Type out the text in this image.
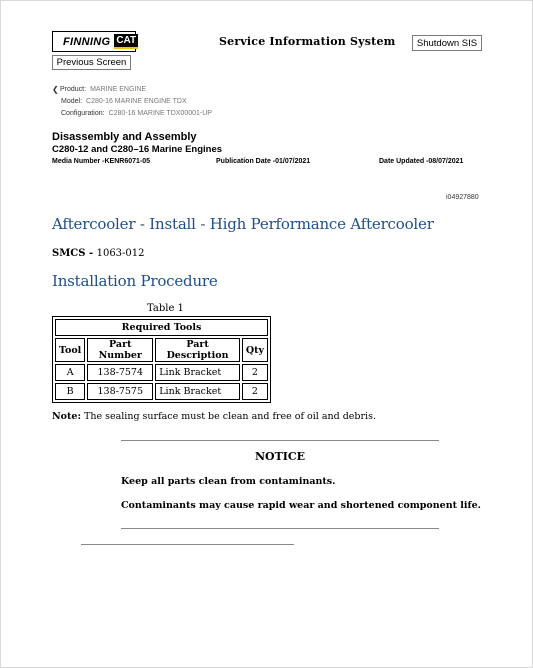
FINNING CAT	Service Information System	Shutdown SIS
Previous Screen
❮ Product: MARINE ENGINE
Model: C280-16 MARINE ENGINE TDX
Configuration: C280-16 MARINE TDX00001-UP
Disassembly and Assembly
C280-12 and C280–16 Marine Engines
Media Number -KENR6071-05	Publication Date -01/07/2021	Date Updated -08/07/2021
i04927880
Aftercooler - Install - High Performance Aftercooler
SMCS - 1063-012
Installation Procedure
Table 1
Required Tools			
Tool	Part Number	Part Description	Qty
A	138-7574	Link Bracket	2
B	138-7575	Link Bracket	2
Note: The sealing surface must be clean and free of oil and debris.
NOTICE
Keep all parts clean from contaminants.
Contaminants may cause rapid wear and shortened component life.
